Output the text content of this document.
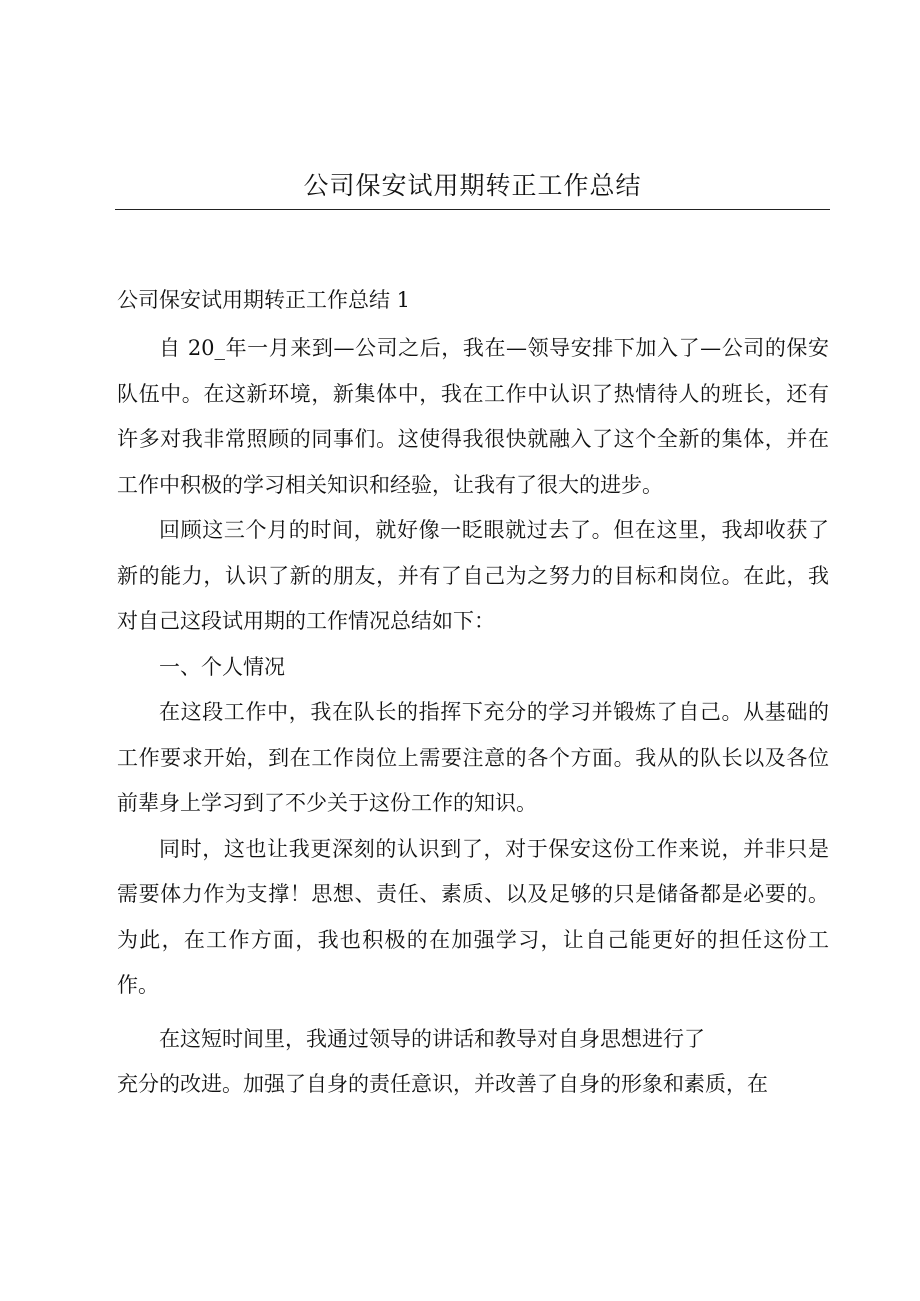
公司保安试用期转正工作总结
公司保安试用期转正工作总结 1

自 20_年一月来到—公司之后，我在—领导安排下加入了—公司的保安队伍中。在这新环境，新集体中，我在工作中认识了热情待人的班长，还有许多对我非常照顾的同事们。这使得我很快就融入了这个全新的集体，并在工作中积极的学习相关知识和经验，让我有了很大的进步。

回顾这三个月的时间，就好像一眨眼就过去了。但在这里，我却收获了新的能力，认识了新的朋友，并有了自己为之努力的目标和岗位。在此，我对自己这段试用期的工作情况总结如下：

一、个人情况

在这段工作中，我在队长的指挥下充分的学习并锻炼了自己。从基础的工作要求开始，到在工作岗位上需要注意的各个方面。我从的队长以及各位前辈身上学习到了不少关于这份工作的知识。

同时，这也让我更深刻的认识到了，对于保安这份工作来说，并非只是需要体力作为支撑！思想、责任、素质、以及足够的只是储备都是必要的。为此，在工作方面，我也积极的在加强学习，让自己能更好的担任这份工作。

在这短时间里，我通过领导的讲话和教导对自身思想进行了

充分的改进。加强了自身的责任意识，并改善了自身的形象和素质，在
